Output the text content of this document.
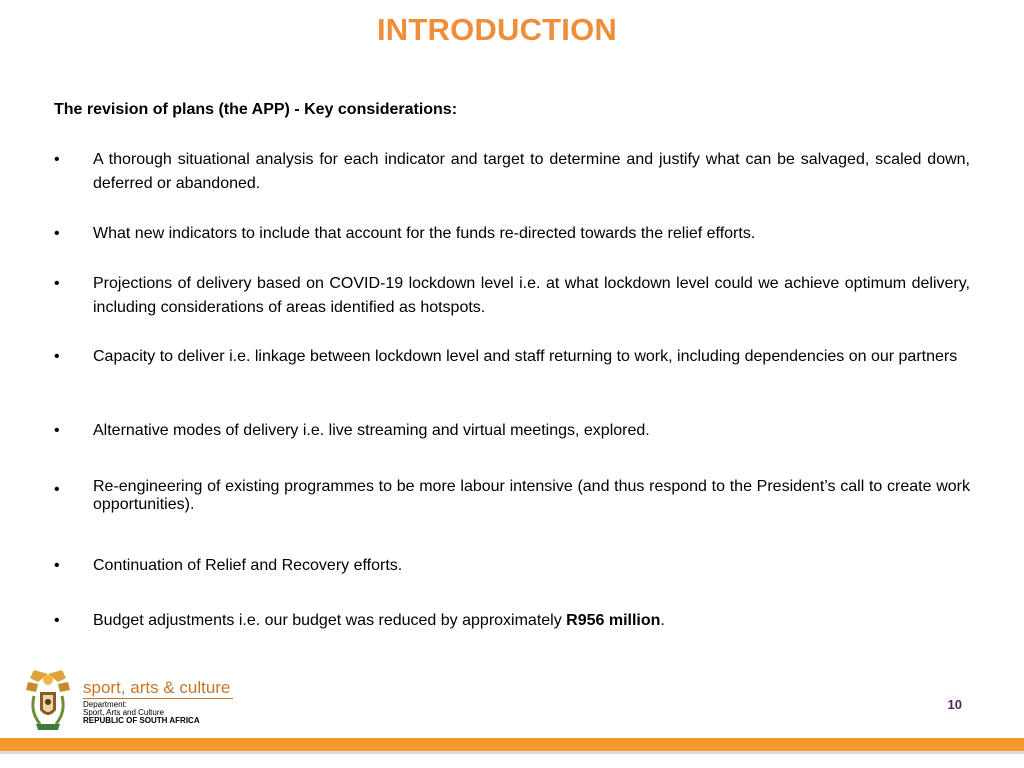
INTRODUCTION
The revision of plans (the APP) - Key considerations:
•	A thorough situational analysis for each indicator and target to determine and justify what can be salvaged, scaled down, deferred or abandoned.
•	What new indicators to include that account for the funds re-directed towards the relief efforts.
•	Projections of delivery based on COVID-19 lockdown level i.e. at what lockdown level could we achieve optimum delivery, including considerations of areas identified as hotspots.
•	Capacity to deliver i.e. linkage between lockdown level and staff returning to work, including dependencies on our partners
•	Alternative modes of delivery i.e. live streaming and virtual meetings, explored.
•	Re-engineering of existing programmes to be more labour intensive (and thus respond to the President’s call to create work opportunities).
•	Continuation of Relief and Recovery efforts.
•	Budget adjustments i.e. our budget was reduced by approximately R956 million.
sport, arts & culture
Department:
Sport, Arts and Culture
REPUBLIC OF SOUTH AFRICA
10
